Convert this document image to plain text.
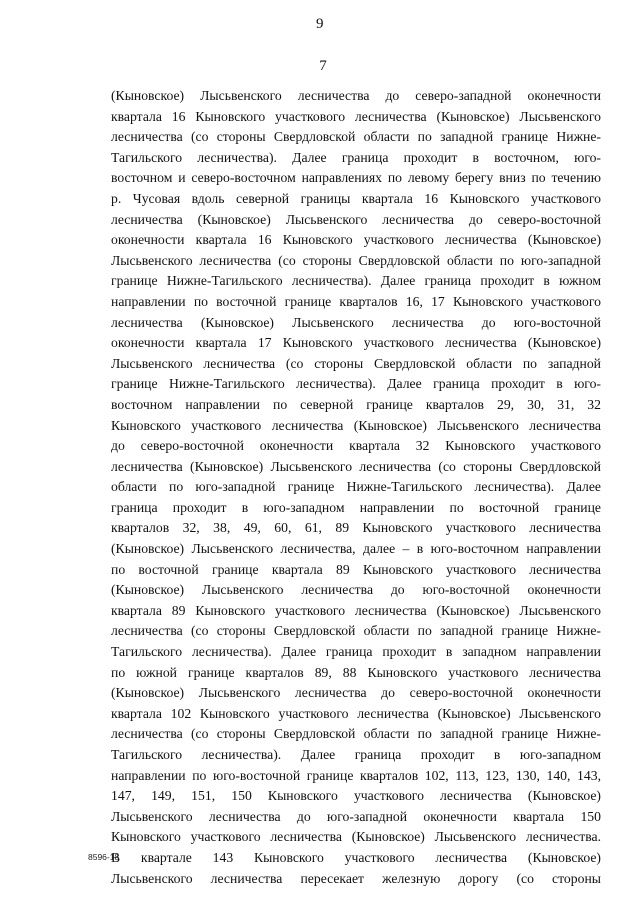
9
7
(Кыновское) Лысьвенского лесничества до северо-западной оконечности
квартала 16 Кыновского участкового лесничества (Кыновское) Лысьвенского
лесничества (со стороны Свердловской области по западной границе Нижне-
Тагильского лесничества). Далее граница проходит в восточном, юго-
восточном и северо-восточном направлениях по левому берегу вниз по течению
р. Чусовая вдоль северной границы квартала 16 Кыновского участкового
лесничества (Кыновское) Лысьвенского лесничества до северо-восточной
оконечности квартала 16 Кыновского участкового лесничества (Кыновское)
Лысьвенского лесничества (со стороны Свердловской области по юго-западной
границе Нижне-Тагильского лесничества). Далее граница проходит в южном
направлении по восточной границе кварталов 16, 17 Кыновского участкового
лесничества (Кыновское) Лысьвенского лесничества до юго-восточной
оконечности квартала 17 Кыновского участкового лесничества (Кыновское)
Лысьвенского лесничества (со стороны Свердловской области по западной
границе Нижне-Тагильского лесничества). Далее граница проходит в юго-
восточном направлении по северной границе кварталов 29, 30, 31, 32
Кыновского участкового лесничества (Кыновское) Лысьвенского лесничества
до северо-восточной оконечности квартала 32 Кыновского участкового
лесничества (Кыновское) Лысьвенского лесничества (со стороны Свердловской
области по юго-западной границе Нижне-Тагильского лесничества). Далее
граница проходит в юго-западном направлении по восточной границе
кварталов 32, 38, 49, 60, 61, 89 Кыновского участкового лесничества
(Кыновское) Лысьвенского лесничества, далее – в юго-восточном направлении
по восточной границе квартала 89 Кыновского участкового лесничества
(Кыновское) Лысьвенского лесничества до юго-восточной оконечности
квартала 89 Кыновского участкового лесничества (Кыновское) Лысьвенского
лесничества (со стороны Свердловской области по западной границе Нижне-
Тагильского лесничества). Далее граница проходит в западном направлении
по южной границе кварталов 89, 88 Кыновского участкового лесничества
(Кыновское) Лысьвенского лесничества до северо-восточной оконечности
квартала 102 Кыновского участкового лесничества (Кыновское) Лысьвенского
лесничества (со стороны Свердловской области по западной границе Нижне-
Тагильского лесничества). Далее граница проходит в юго-западном
направлении по юго-восточной границе кварталов 102, 113, 123, 130, 140, 143,
147, 149, 151, 150 Кыновского участкового лесничества (Кыновское)
Лысьвенского лесничества до юго-западной оконечности квартала 150
Кыновского участкового лесничества (Кыновское) Лысьвенского лесничества.
В квартале 143 Кыновского участкового лесничества (Кыновское)
Лысьвенского лесничества пересекает железную дорогу (со стороны
8596-18
